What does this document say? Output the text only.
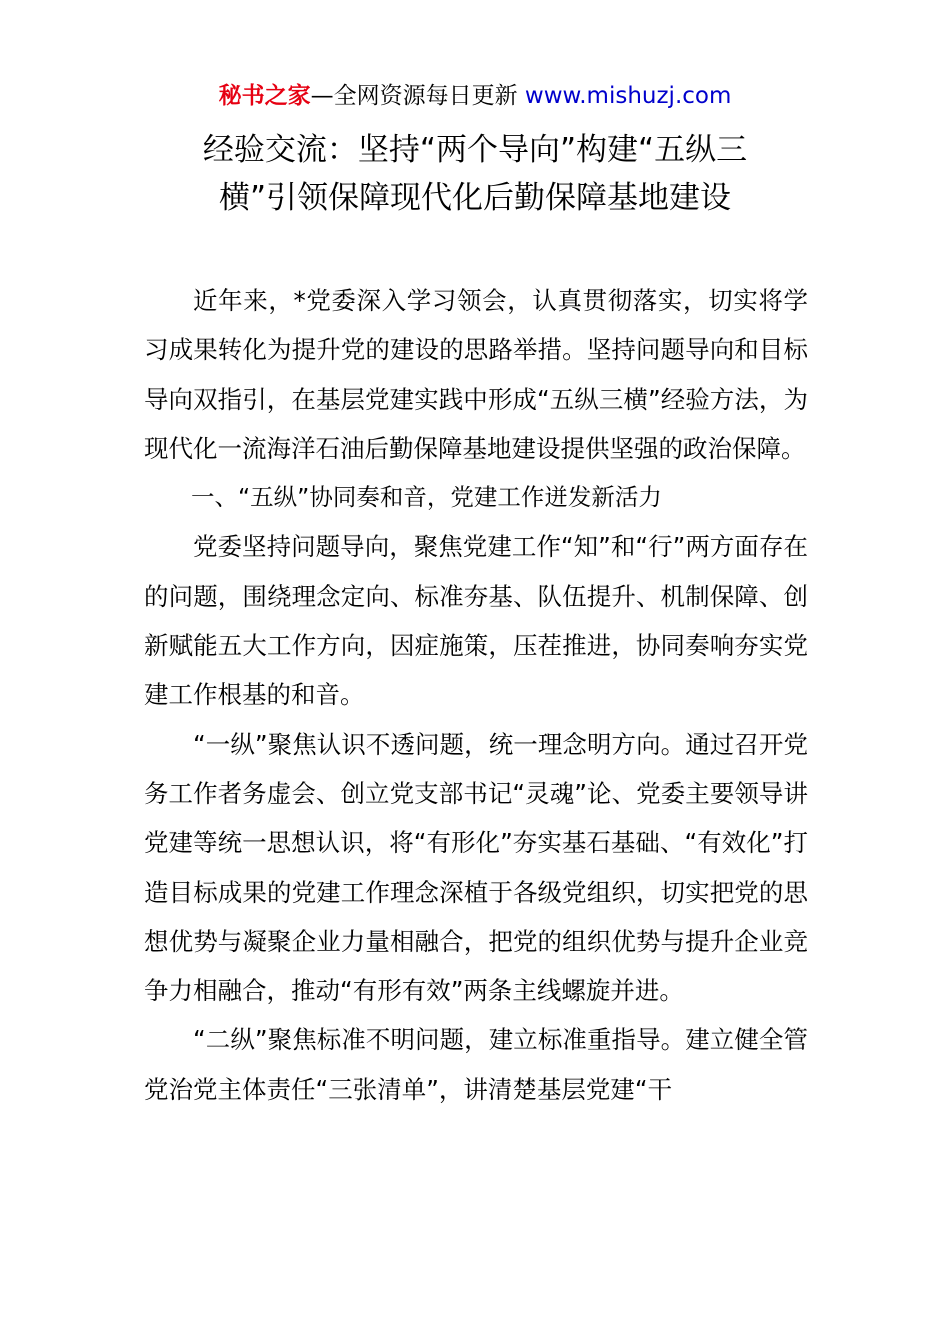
秘书之家—全网资源每日更新 www.mishuzj.com
经验交流：坚持“两个导向”构建“五纵三
横”引领保障现代化后勤保障基地建设

近年来，*党委深入学习领会，认真贯彻落实，切实将学习成果转化为提升党的建设的思路举措。坚持问题导向和目标导向双指引，在基层党建实践中形成“五纵三横”经验方法，为现代化一流海洋石油后勤保障基地建设提供坚强的政治保障。

一、“五纵”协同奏和音，党建工作迸发新活力

党委坚持问题导向，聚焦党建工作“知”和“行”两方面存在的问题，围绕理念定向、标准夯基、队伍提升、机制保障、创新赋能五大工作方向，因症施策，压茬推进，协同奏响夯实党建工作根基的和音。

“一纵”聚焦认识不透问题，统一理念明方向。通过召开党务工作者务虚会、创立党支部书记“灵魂”论、党委主要领导讲党建等统一思想认识，将“有形化”夯实基石基础、“有效化”打造目标成果的党建工作理念深植于各级党组织，切实把党的思想优势与凝聚企业力量相融合，把党的组织优势与提升企业竞争力相融合，推动“有形有效”两条主线螺旋并进。

“二纵”聚焦标准不明问题，建立标准重指导。建立健全管党治党主体责任“三张清单”，讲清楚基层党建“干
